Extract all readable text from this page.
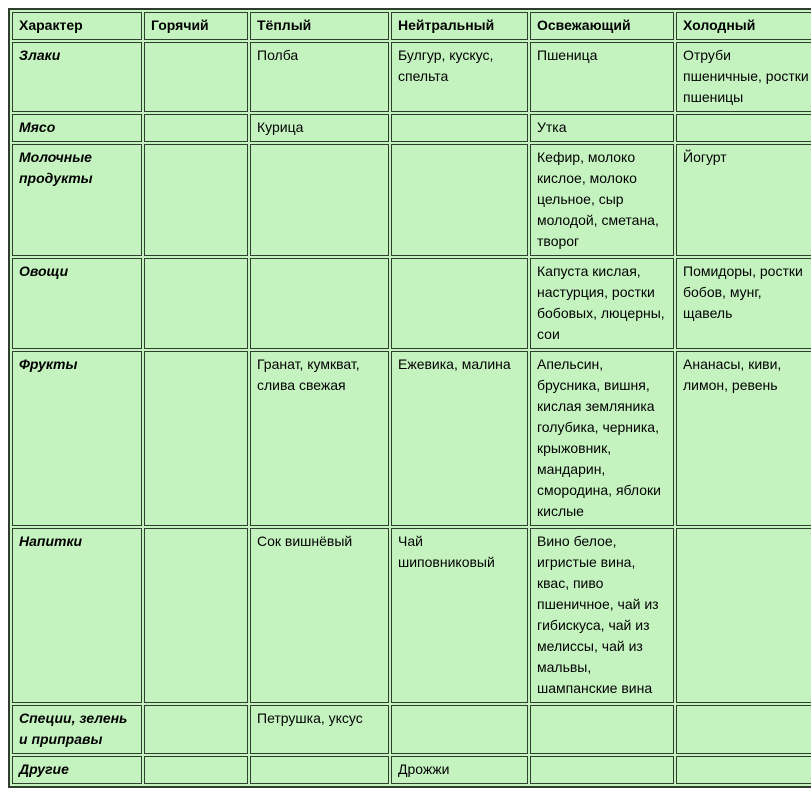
Характер	Горячий	Тёплый	Нейтральный	Освежающий	Холодный
Злаки		Полба	Булгур, кускус, спельта	Пшеница	Отруби пшеничные, ростки пшеницы
Мясо		Курица		Утка	
Молочные продукты				Кефир, молоко кислое, молоко цельное, сыр молодой, сметана, творог	Йогурт
Овощи				Капуста кислая, настурция, ростки бобовых, люцерны, сои	Помидоры, ростки бобов, мунг, щавель
Фрукты		Гранат, кумкват, слива свежая	Ежевика, малина	Апельсин, брусника, вишня, кислая земляника голубика, черника, крыжовник, мандарин, смородина, яблоки кислые	Ананасы, киви, лимон, ревень
Напитки		Сок вишнёвый	Чай шиповниковый	Вино белое, игристые вина, квас, пиво пшеничное, чай из гибискуса, чай из мелиссы, чай из мальвы, шампанские вина	
Специи, зелень и приправы		Петрушка, уксус			
Другие			Дрожжи		
